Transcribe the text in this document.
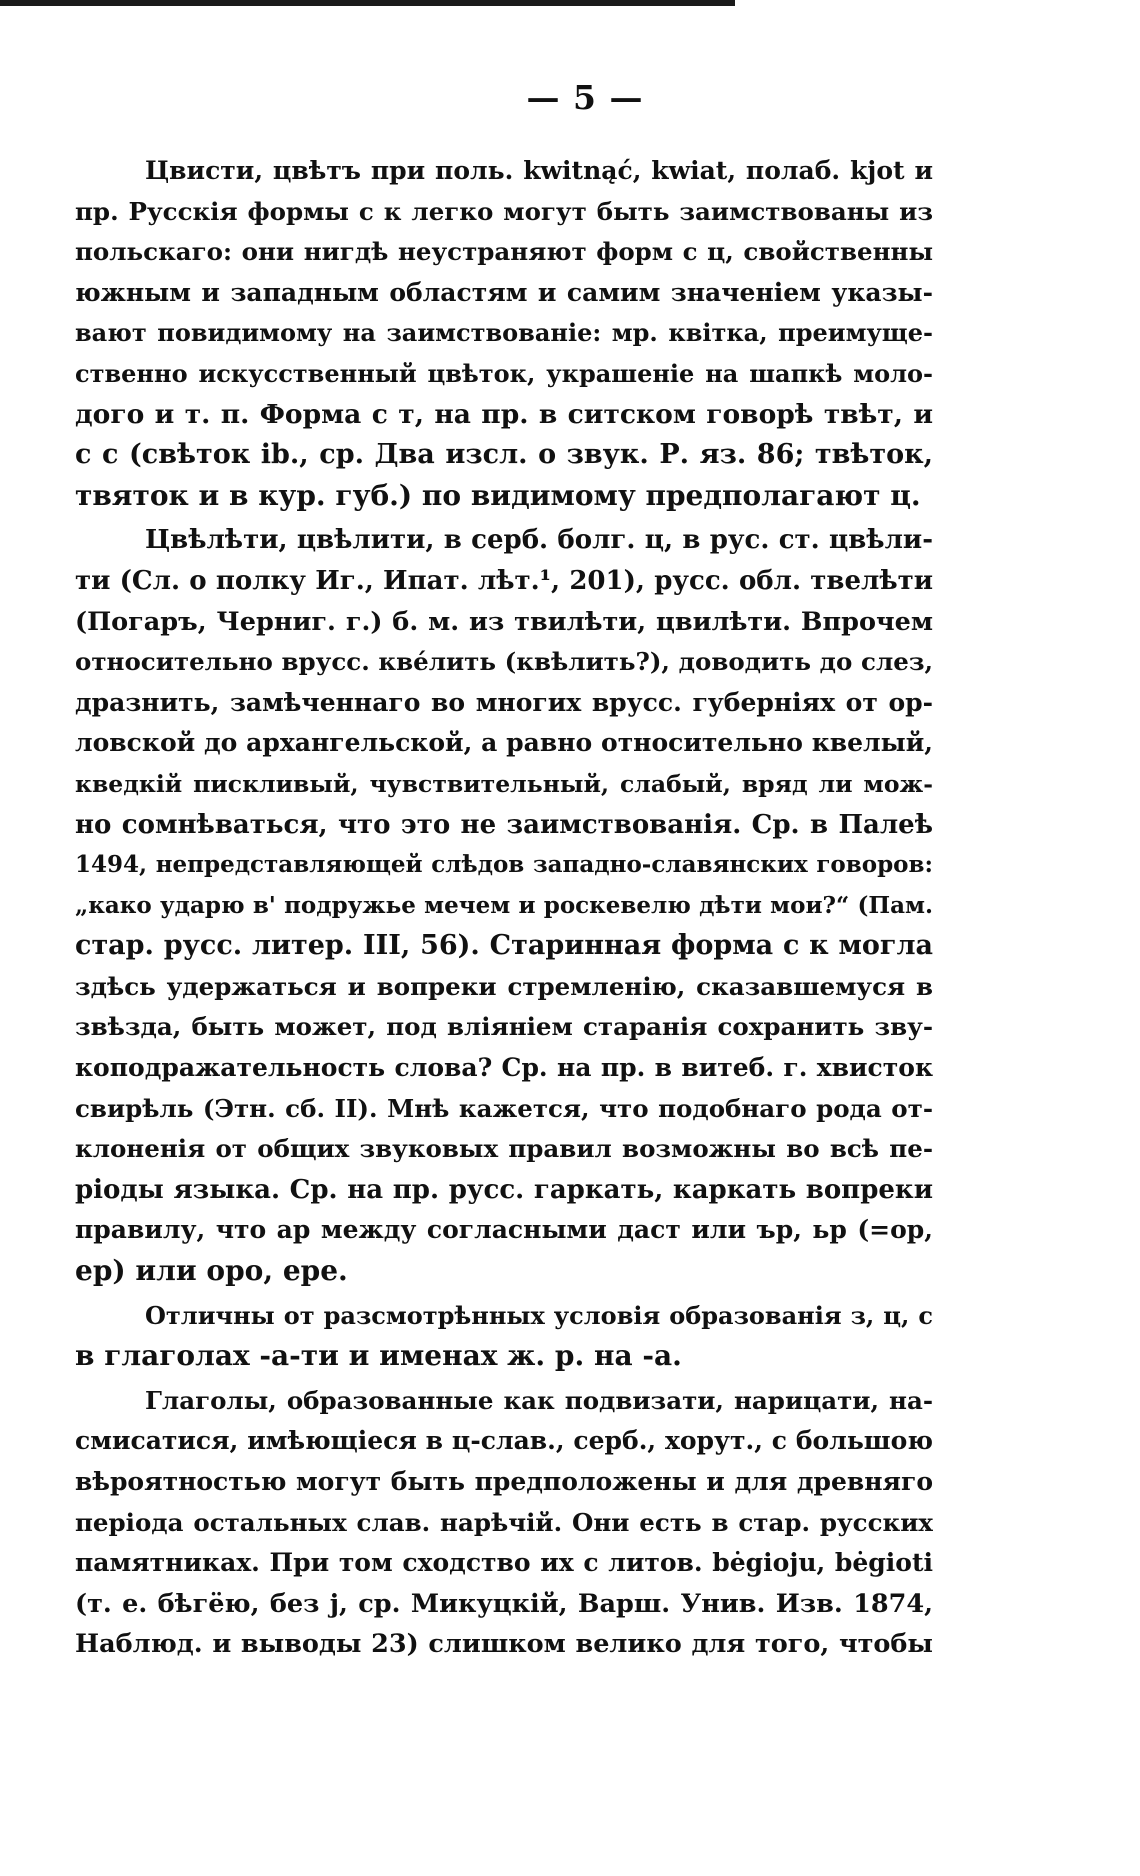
— 5 —
Цвисти, цвѣтъ при поль. kwitnąć, kwiat, полаб. kjot и
пр. Русскія формы с к легко могут быть заимствованы из
польскаго: они нигдѣ неустраняют форм с ц, свойственны
южным и западным областям и самим значеніем указы-
вают повидимому на заимствованіе: мр. квітка, преимуще-
ственно искусственный цвѣток, украшеніе на шапкѣ моло-
дого и т. п. Форма с т, на пр. в ситском говорѣ твѣт, и
с с (свѣток ib., ср. Два изсл. о звук. Р. яз. 86; твѣток,
твяток и в кур. губ.) по видимому предполагают ц.
Цвѣлѣти, цвѣлити, в серб. болг. ц, в рус. ст. цвѣли-
ти (Сл. о полку Иг., Ипат. лѣт.¹, 201), русс. обл. твелѣти
(Погаръ, Черниг. г.) б. м. из твилѣти, цвилѣти. Впрочем
относительно врусс. квéлить (квѣлить?), доводить до слез,
дразнить, замѣченнаго во многих врусс. губерніях от ор-
ловской до архангельской, а равно относительно квелый,
кведкій пискливый, чувствительный, слабый, вряд ли мож-
но сомнѣваться, что это не заимствованія. Ср. в Палеѣ
1494, непредставляющей слѣдов западно-славянских говоров:
„како ударю в' подружье мечем и роскевелю дѣти мои?“ (Пам.
стар. русс. литер. III, 56). Старинная форма с к могла
здѣсь удержаться и вопреки стремленію, сказавшемуся в
звѣзда, быть может, под вліяніем старанія сохранить зву-
коподражательность слова? Ср. на пр. в витеб. г. хвисток
свирѣль (Этн. сб. II). Мнѣ кажется, что подобнаго рода от-
клоненія от общих звуковых правил возможны во всѣ пе-
ріоды языка. Ср. на пр. русс. гаркать, каркать вопреки
правилу, что ар между согласными даст или ър, ьр (=ор,
ер) или оро, ере.
Отличны от разсмотрѣнных условія образованія з, ц, с
в глаголах -а-ти и именах ж. р. на -а.
Глаголы, образованные как подвизати, нарицати, на-
смисатися, имѣющіеся в ц-слав., серб., хорут., с большою
вѣроятностью могут быть предположены и для древняго
періода остальных слав. нарѣчій. Они есть в стар. русских
памятниках. При том сходство их с литов. bėgioju, bėgioti
(т. е. бѣгёю, без j, ср. Микуцкій, Варш. Унив. Изв. 1874,
Наблюд. и выводы 23) слишком велико для того, чтобы
